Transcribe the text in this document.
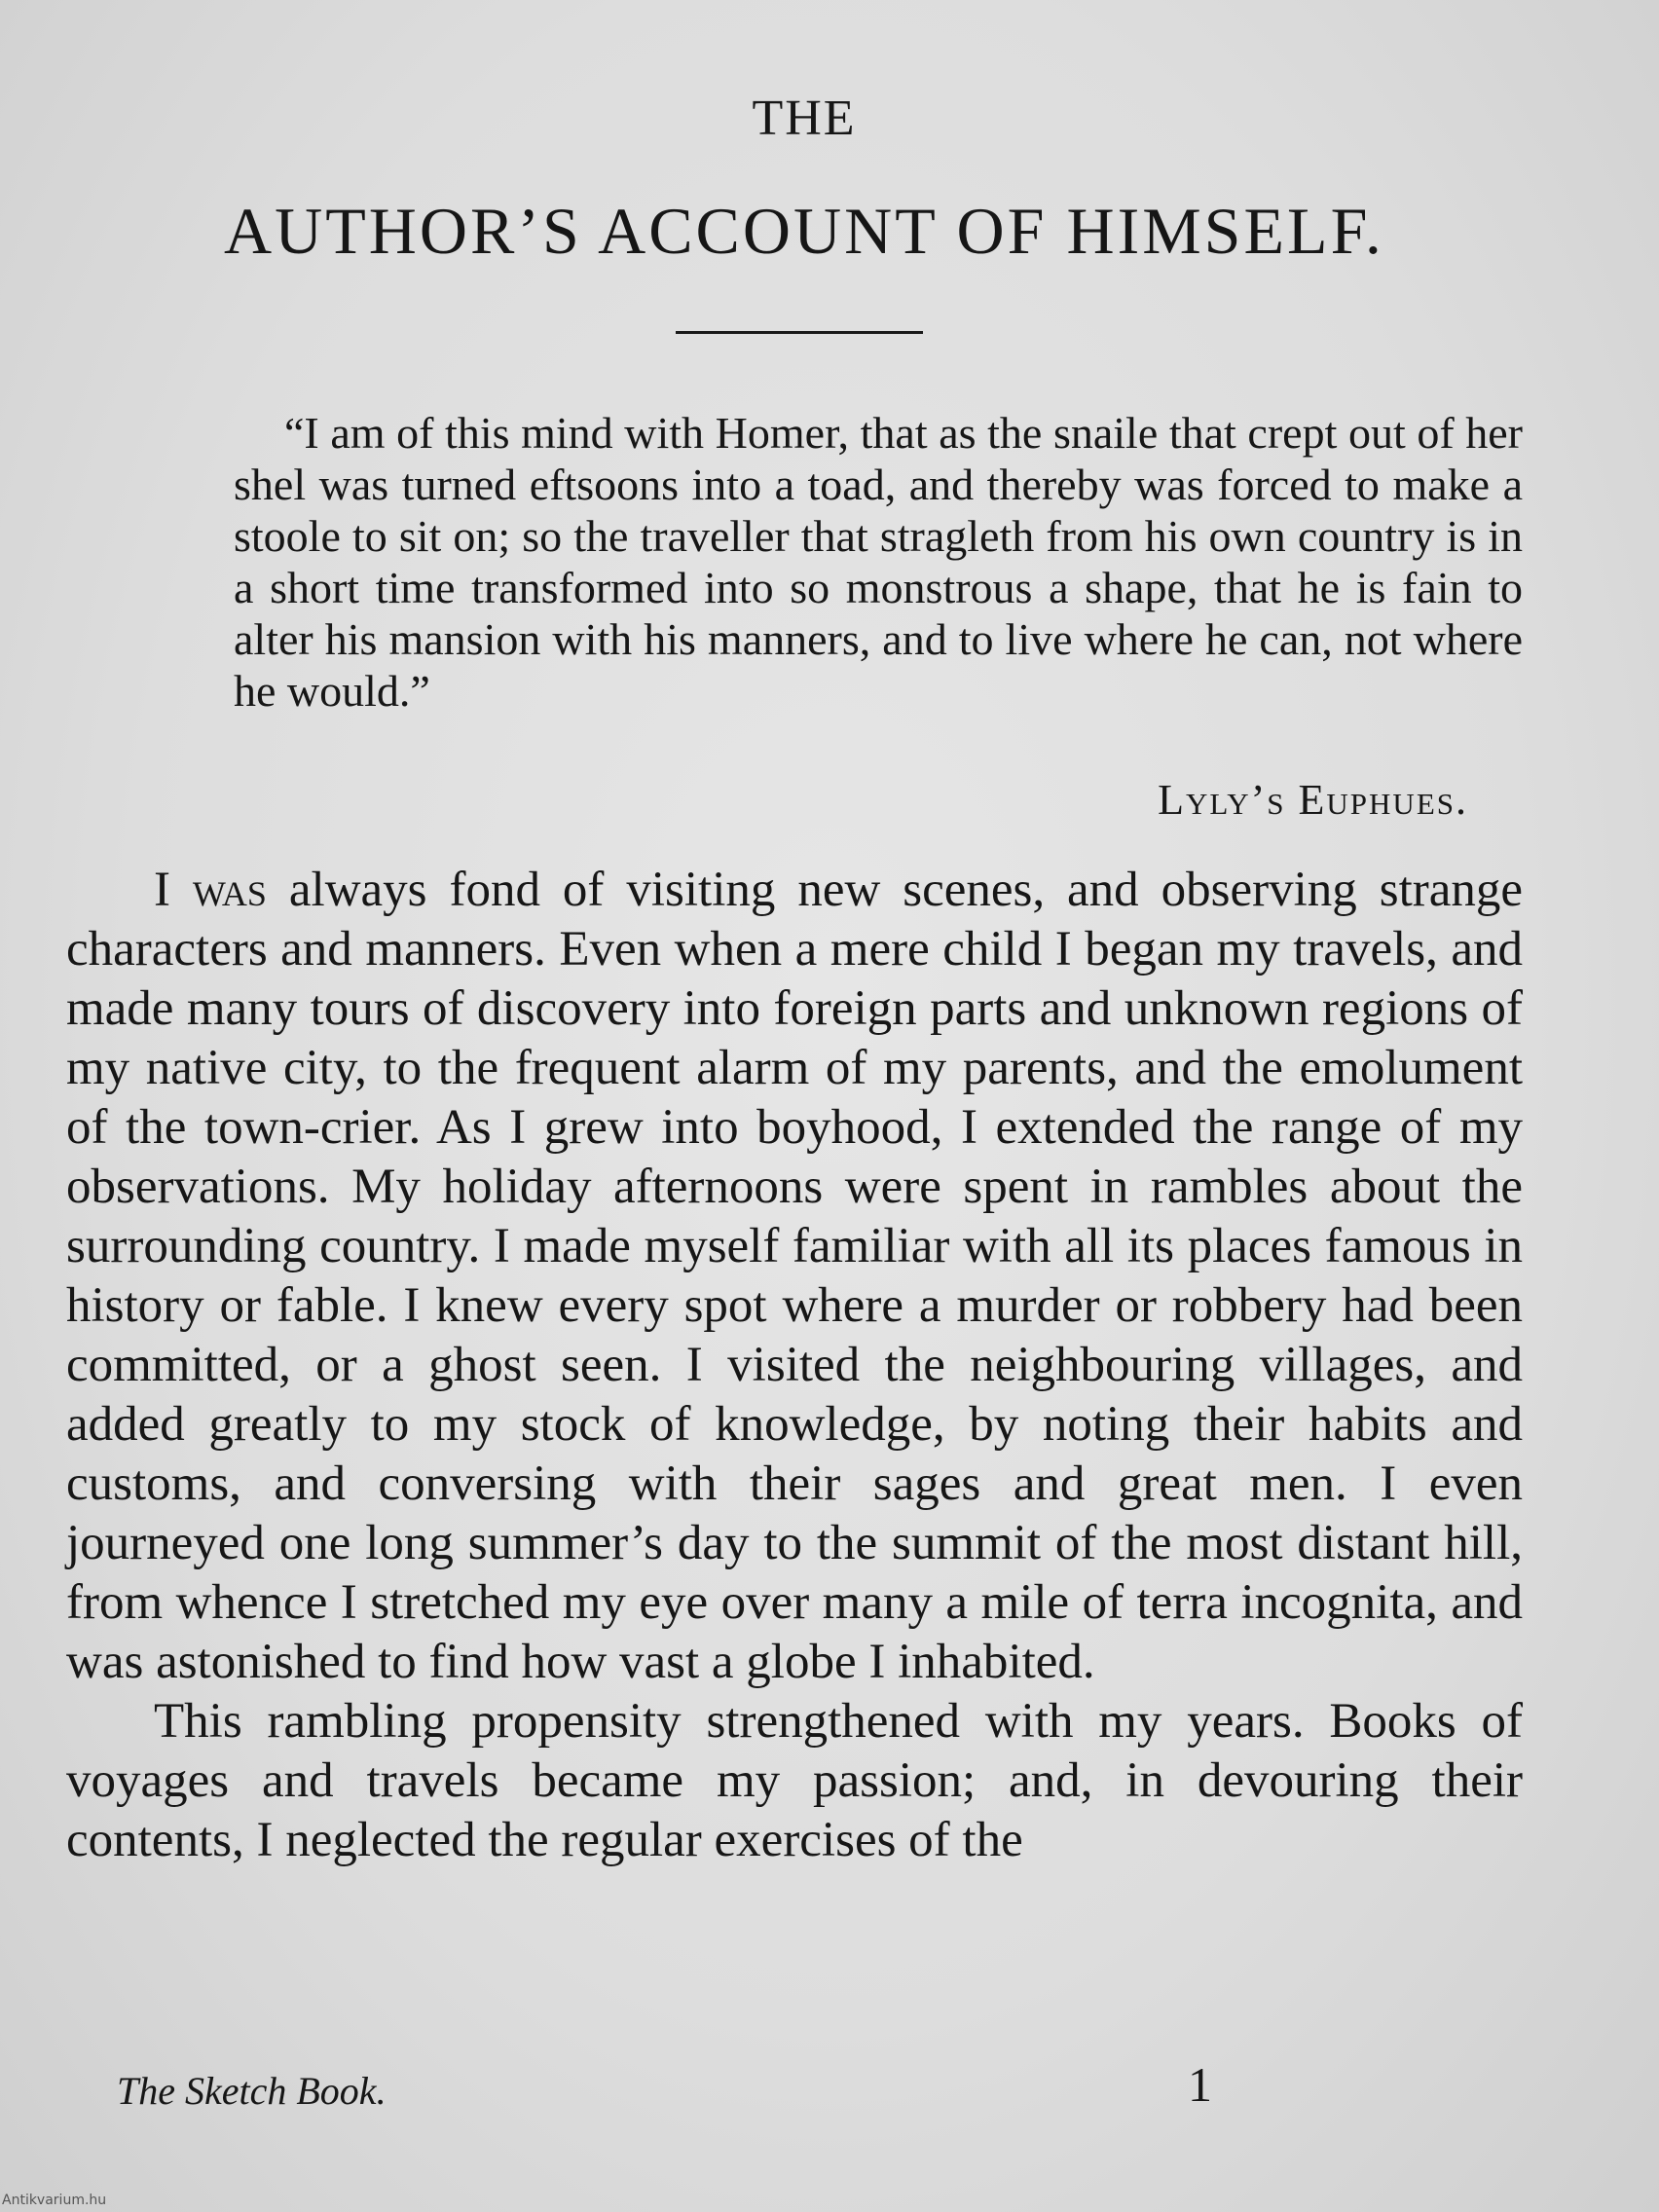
THE
AUTHOR’S ACCOUNT OF HIMSELF.
“I am of this mind with Homer, that as the snaile that crept out of her shel was turned eftsoons into a toad, and thereby was forced to make a stoole to sit on; so the traveller that stragleth from his own country is in a short time transformed into so monstrous a shape, that he is fain to alter his mansion with his manners, and to live where he can, not where he would.”
Lyly’s Euphues.

I was always fond of visiting new scenes, and observing strange characters and manners. Even when a mere child I began my travels, and made many tours of discovery into foreign parts and unknown regions of my native city, to the frequent alarm of my parents, and the emolument of the town-crier. As I grew into boyhood, I extended the range of my observations. My holiday afternoons were spent in rambles about the surrounding country. I made myself familiar with all its places famous in history or fable. I knew every spot where a murder or robbery had been committed, or a ghost seen. I visited the neighbouring villages, and added greatly to my stock of knowledge, by noting their habits and customs, and conversing with their sages and great men. I even journeyed one long summer’s day to the summit of the most distant hill, from whence I stretched my eye over many a mile of terra incognita, and was astonished to find how vast a globe I inhabited.

This rambling propensity strengthened with my years. Books of voyages and travels became my passion; and, in devouring their contents, I neglected the regular exercises of the

The Sketch Book.	1
Antikvarium.hu
